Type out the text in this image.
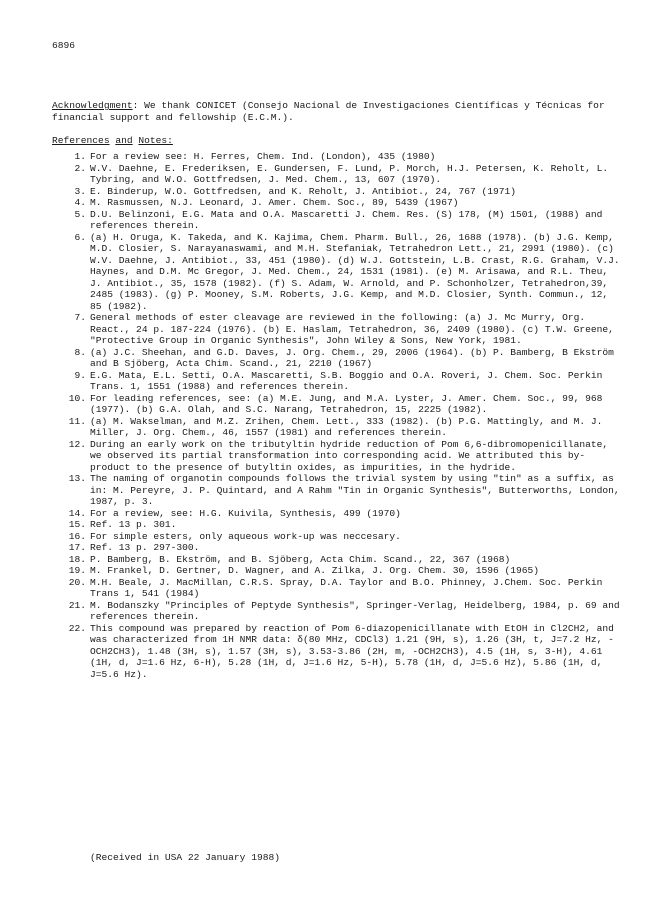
6896
Acknowledgment: We thank CONICET (Consejo Nacional de Investigaciones Científicas y Técnicas for financial support and fellowship (E.C.M.).
References and Notes:
1. For a review see: H. Ferres, Chem. Ind. (London), 435 (1980)
2. W.V. Daehne, E. Frederiksen, E. Gundersen, F. Lund, P. Morch, H.J. Petersen, K. Reholt, L. Tybring, and W.O. Gottfredsen, J. Med. Chem., 13, 607 (1970).
3. E. Binderup, W.O. Gottfredsen, and K. Reholt, J. Antibiot., 24, 767 (1971)
4. M. Rasmussen, N.J. Leonard, J. Amer. Chem. Soc., 89, 5439 (1967)
5. D.U. Belinzoni, E.G. Mata and O.A. Mascaretti J. Chem. Res. (S) 178, (M) 1501, (1988) and references therein.
6. (a) H. Oruga, K. Takeda, and K. Kajima, Chem. Pharm. Bull., 26, 1688 (1978). (b) J.G. Kemp, M.D. Closier, S. Narayanaswami, and M.H. Stefaniak, Tetrahedron Lett., 21, 2991 (1980). (c) W.V. Daehne, J. Antibiot., 33, 451 (1980). (d) W.J. Gottstein, L.B. Crast, R.G. Graham, V.J. Haynes, and D.M. Mc Gregor, J. Med. Chem., 24, 1531 (1981). (e) M. Arisawa, and R.L. Theu, J. Antibiot., 35, 1578 (1982). (f) S. Adam, W. Arnold, and P. Schonholzer, Tetrahedron,39, 2485 (1983). (g) P. Mooney, S.M. Roberts, J.G. Kemp, and M.D. Closier, Synth. Commun., 12, 85 (1982).
7. General methods of ester cleavage are reviewed in the following: (a) J. Mc Murry, Org. React., 24 p. 187-224 (1976). (b) E. Haslam, Tetrahedron, 36, 2409 (1980). (c) T.W. Greene, "Protective Group in Organic Synthesis", John Wiley & Sons, New York, 1981.
8. (a) J.C. Sheehan, and G.D. Daves, J. Org. Chem., 29, 2006 (1964). (b) P. Bamberg, B Ekström and B Sjöberg, Acta Chim. Scand., 21, 2210 (1967)
9. E.G. Mata, E.L. Setti, O.A. Mascaretti, S.B. Boggio and O.A. Roveri, J. Chem. Soc. Perkin Trans. 1, 1551 (1988) and references therein.
10. For leading references, see: (a) M.E. Jung, and M.A. Lyster, J. Amer. Chem. Soc., 99, 968 (1977). (b) G.A. Olah, and S.C. Narang, Tetrahedron, 15, 2225 (1982).
11. (a) M. Wakselman, and M.Z. Zrihen, Chem. Lett., 333 (1982). (b) P.G. Mattingly, and M. J. Miller, J. Org. Chem., 46, 1557 (1981) and references therein.
12. During an early work on the tributyltin hydride reduction of Pom 6,6-dibromopenicillanate, we observed its partial transformation into corresponding acid. We attributed this by-product to the presence of butyltin oxides, as impurities, in the hydride.
13. The naming of organotin compounds follows the trivial system by using "tin" as a suffix, as in: M. Pereyre, J. P. Quintard, and A Rahm "Tin in Organic Synthesis", Butterworths, London, 1987, p. 3.
14. For a review, see: H.G. Kuivila, Synthesis, 499 (1970)
15. Ref. 13 p. 301.
16. For simple esters, only aqueous work-up was neccesary.
17. Ref. 13 p. 297-300.
18. P. Bamberg, B. Ekström, and B. Sjöberg, Acta Chim. Scand., 22, 367 (1968)
19. M. Frankel, D. Gertner, D. Wagner, and A. Zilka, J. Org. Chem. 30, 1596 (1965)
20. M.H. Beale, J. MacMillan, C.R.S. Spray, D.A. Taylor and B.O. Phinney, J.Chem. Soc. Perkin Trans 1, 541 (1984)
21. M. Bodanszky "Principles of Peptyde Synthesis", Springer-Verlag, Heidelberg, 1984, p. 69 and references therein.
22. This compound was prepared by reaction of Pom 6-diazopenicillanate with EtOH in Cl2CH2, and was characterized from 1H NMR data: δ(80 MHz, CDCl3) 1.21 (9H, s), 1.26 (3H, t, J=7.2 Hz, -OCH2CH3), 1.48 (3H, s), 1.57 (3H, s), 3.53-3.86 (2H, m, -OCH2CH3), 4.5 (1H, s, 3-H), 4.61 (1H, d, J=1.6 Hz, 6-H), 5.28 (1H, d, J=1.6 Hz, 5-H), 5.78 (1H, d, J=5.6 Hz), 5.86 (1H, d, J=5.6 Hz).
(Received in USA 22 January 1988)
